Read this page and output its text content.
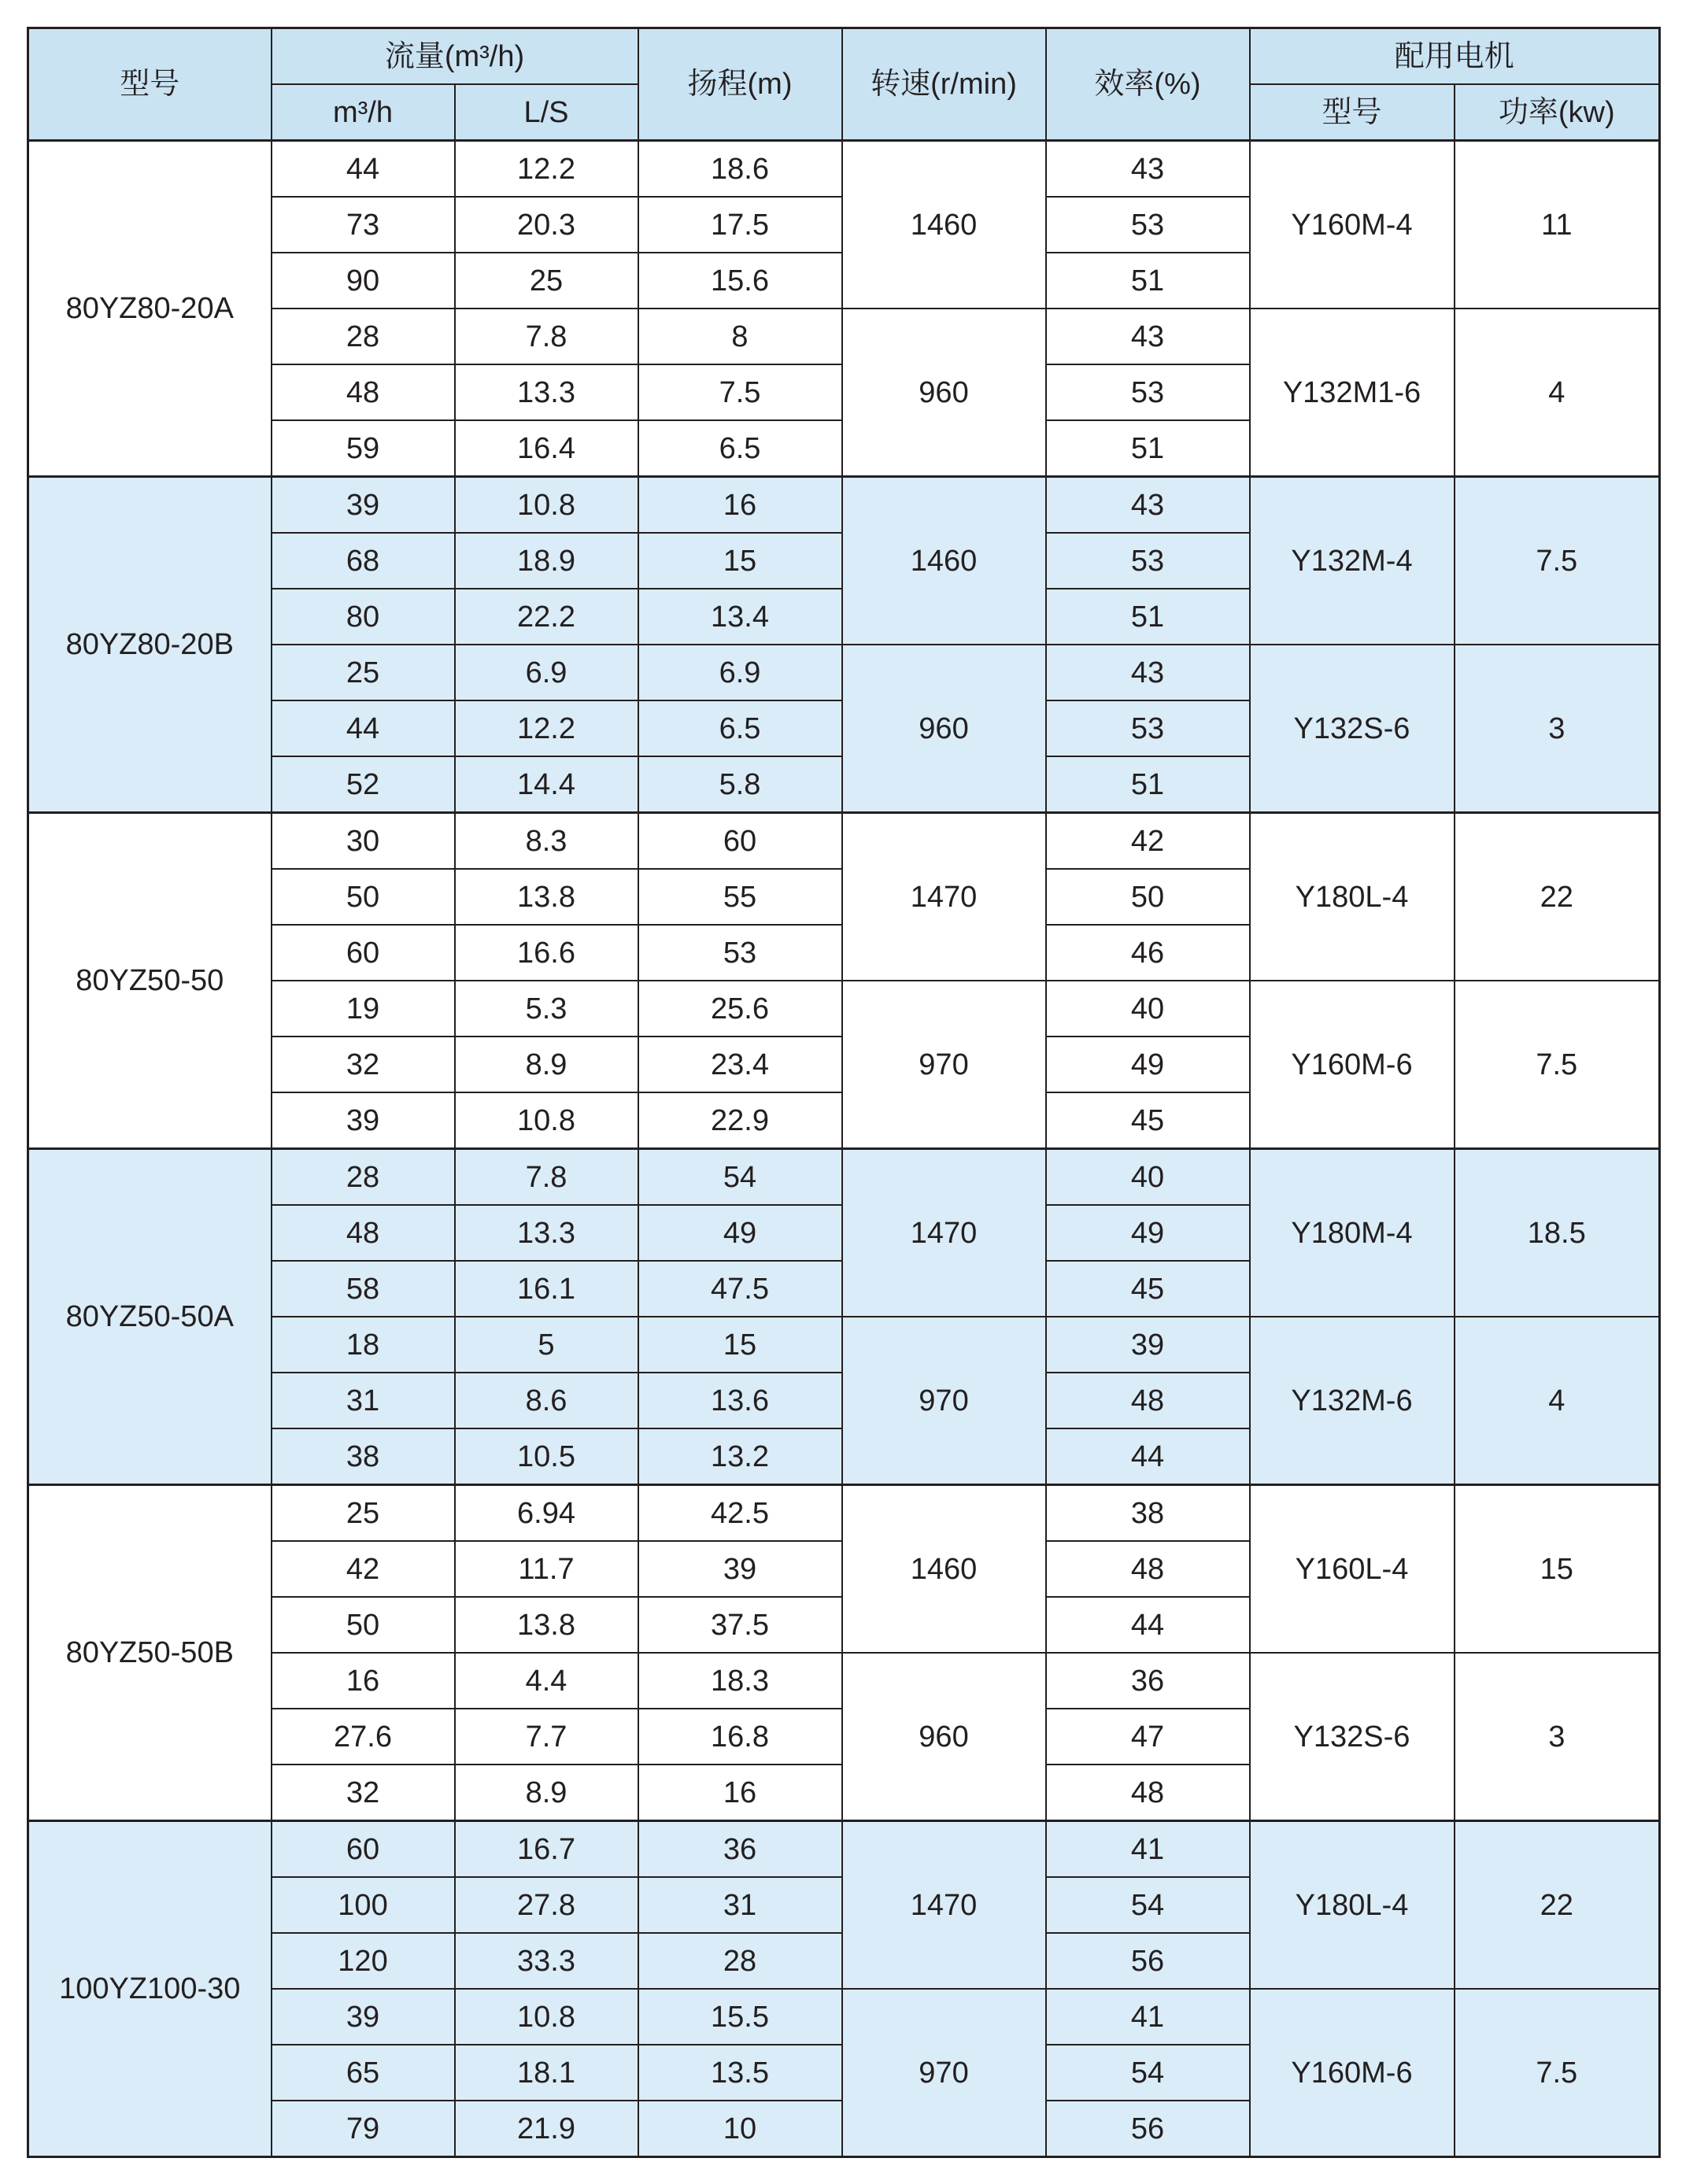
型号	流量(m³/h)		扬程(m)	转速(r/min)	效率(%)	配用电机	
	m³/h	L/S				型号	功率(kw)
80YZ80-20A	44	12.2	18.6	1460	43	Y160M-4	11
	73	20.3	17.5		53		
	90	25	15.6		51		
	28	7.8	8	960	43	Y132M1-6	4
	48	13.3	7.5		53		
	59	16.4	6.5		51		
80YZ80-20B	39	10.8	16	1460	43	Y132M-4	7.5
	68	18.9	15		53		
	80	22.2	13.4		51		
	25	6.9	6.9	960	43	Y132S-6	3
	44	12.2	6.5		53		
	52	14.4	5.8		51		
80YZ50-50	30	8.3	60	1470	42	Y180L-4	22
	50	13.8	55		50		
	60	16.6	53		46		
	19	5.3	25.6	970	40	Y160M-6	7.5
	32	8.9	23.4		49		
	39	10.8	22.9		45		
80YZ50-50A	28	7.8	54	1470	40	Y180M-4	18.5
	48	13.3	49		49		
	58	16.1	47.5		45		
	18	5	15	970	39	Y132M-6	4
	31	8.6	13.6		48		
	38	10.5	13.2		44		
80YZ50-50B	25	6.94	42.5	1460	38	Y160L-4	15
	42	11.7	39		48		
	50	13.8	37.5		44		
	16	4.4	18.3	960	36	Y132S-6	3
	27.6	7.7	16.8		47		
	32	8.9	16		48		
100YZ100-30	60	16.7	36	1470	41	Y180L-4	22
	100	27.8	31		54		
	120	33.3	28		56		
	39	10.8	15.5	970	41	Y160M-6	7.5
	65	18.1	13.5		54		
	79	21.9	10		56		
